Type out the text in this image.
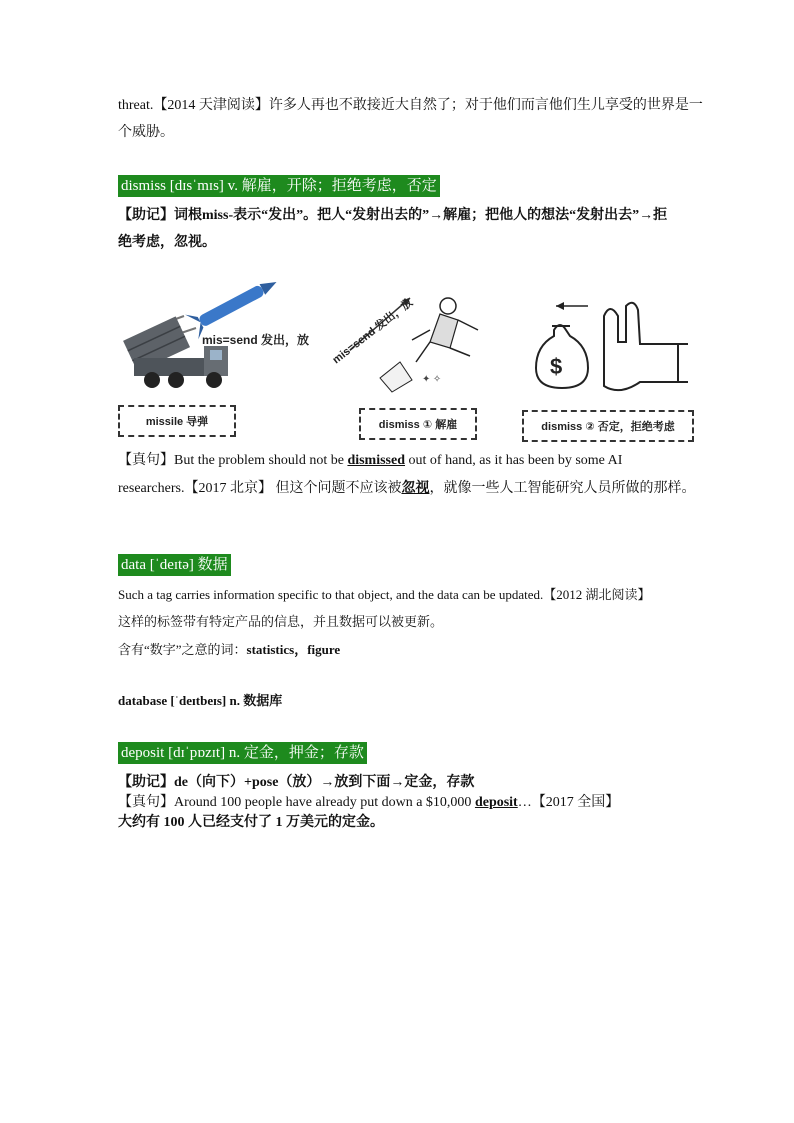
threat.【2014 天津阅读】许多人再也不敢接近大自然了；对于他们而言他们生儿享受的世界是一
个威胁。
dismiss [dɪsˈmɪs] v. 解雇，开除；拒绝考虑，否定
【助记】词根miss-表示“发出”。把人“发射出去的”→解雇；把他人的想法“发射出去”→拒
绝考虑，忽视。
mis=send 发出，放
missile 导弹
mis=send 发出，放
✦ ✧
dismiss ① 解雇
$
dismiss ② 否定，拒绝考虑
【真句】But the problem should not be dismissed out of hand, as it has been by some AI
researchers.【2017 北京】 但这个问题不应该被忽视，就像一些人工智能研究人员所做的那样。
data [ˈdeɪtə] 数据
Such a tag carries information specific to that object, and the data can be updated.【2012 湖北阅读】
这样的标签带有特定产品的信息，并且数据可以被更新。
含有“数字”之意的词：statistics，figure
database [ˈdeɪtbeɪs] n. 数据库
deposit [dɪˈpɒzɪt] n. 定金，押金；存款
【助记】de（向下）+pose（放）→放到下面→定金，存款
【真句】Around 100 people have already put down a $10,000 deposit…【2017 全国】
大约有 100 人已经支付了 1 万美元的定金。
